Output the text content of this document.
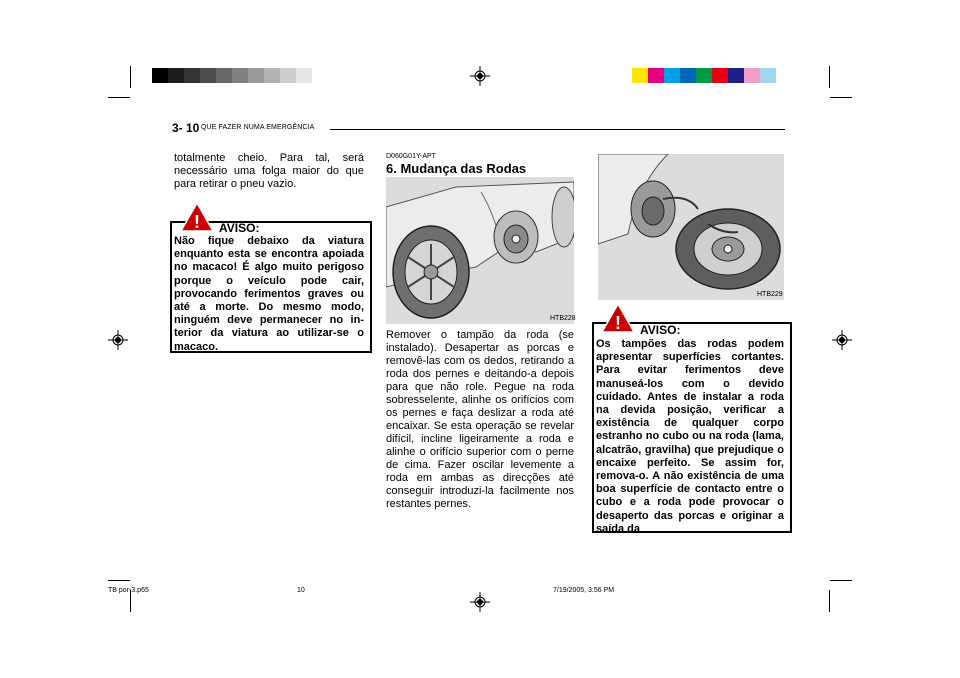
3- 10 QUE FAZER NUMA EMERGÊNCIA
totalmente cheio. Para tal, será necessário uma folga maior do que para retirar o pneu vazio.
! AVISO:
Não fique debaixo da viatura enquanto esta se encontra apoiada no macaco! É algo muito perigoso porque o veículo pode cair, provocando ferimentos graves ou até a morte. Do mesmo modo, ninguém deve permanecer no in-terior da viatura ao utilizar-se o macaco.
D060G01Y-APT
6. Mudança das Rodas
HTB228
Remover o tampão da roda (se instalado). Desapertar as porcas e removê-las com os dedos, retirando a roda dos pernes e deitando-a depois para que não role. Pegue na roda sobresselente, alinhe os orifícios com os pernes e faça deslizar a roda até encaixar. Se esta operação se revelar difícil, incline ligeiramente a roda e alinhe o orifício superior com o perne de cima. Fazer oscilar levemente a roda em ambas as direcções até conseguir introduzi-la facilmente nos restantes pernes.
HTB229
! AVISO:
Os tampões das rodas podem apresentar superfícies cortantes. Para evitar ferimentos deve manuseá-los com o devido cuidado. Antes de instalar a roda na devida posição, verificar a existência de qualquer corpo estranho no cubo ou na roda (lama, alcatrão, gravilha) que prejudique o encaixe perfeito. Se assim for, remova-o. A não existência de uma boa superfície de contacto entre o cubo e a roda pode provocar o desaperto das porcas e originar a saída da
TB por-3.p65	10	7/19/2005, 3:56 PM
